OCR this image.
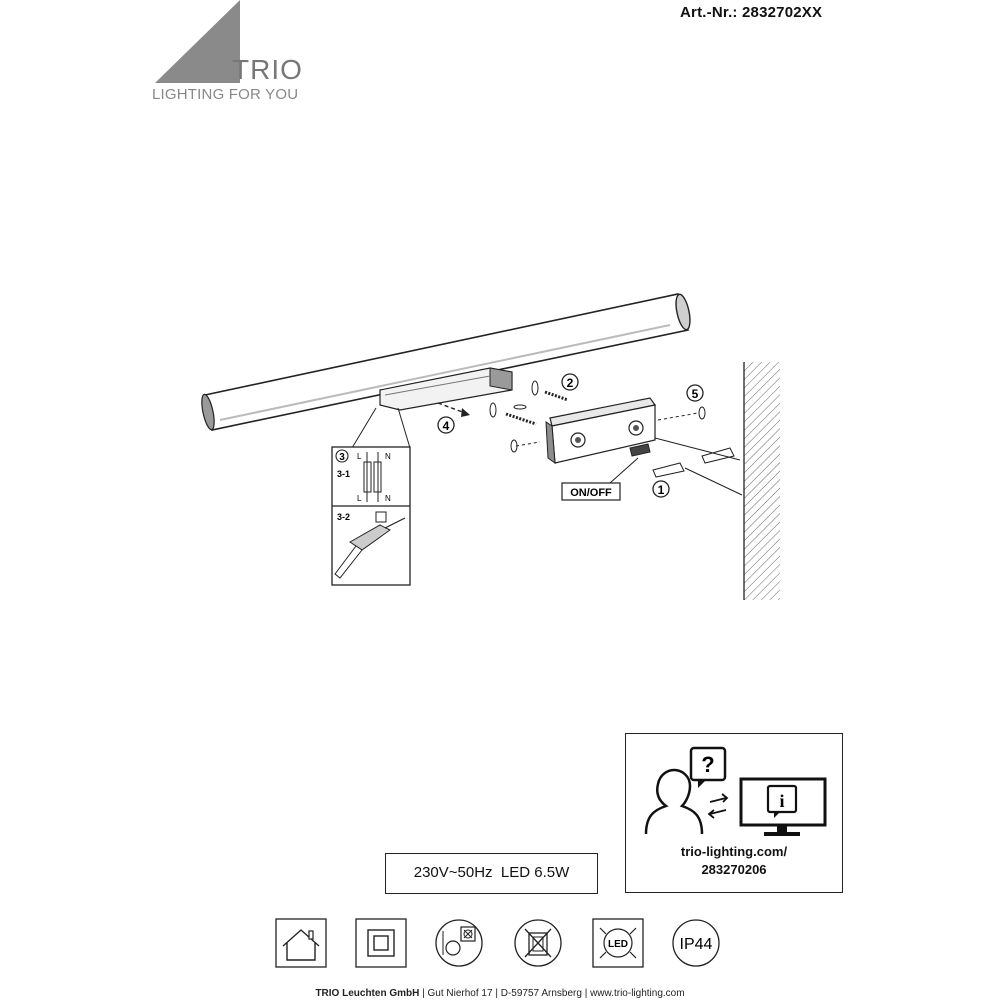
Art.-Nr.: 2832702XX
TRIO
LIGHTING FOR YOU
4
2
5
1
ON/OFF
3 L	N
3-1
L	N
3-2
?
i
trio-lighting.com/
283270206
230V~50Hz  LED 6.5W
LED	IP44
TRIO Leuchten GmbH | Gut Nierhof 17 | D-59757 Arnsberg | www.trio-lighting.com
